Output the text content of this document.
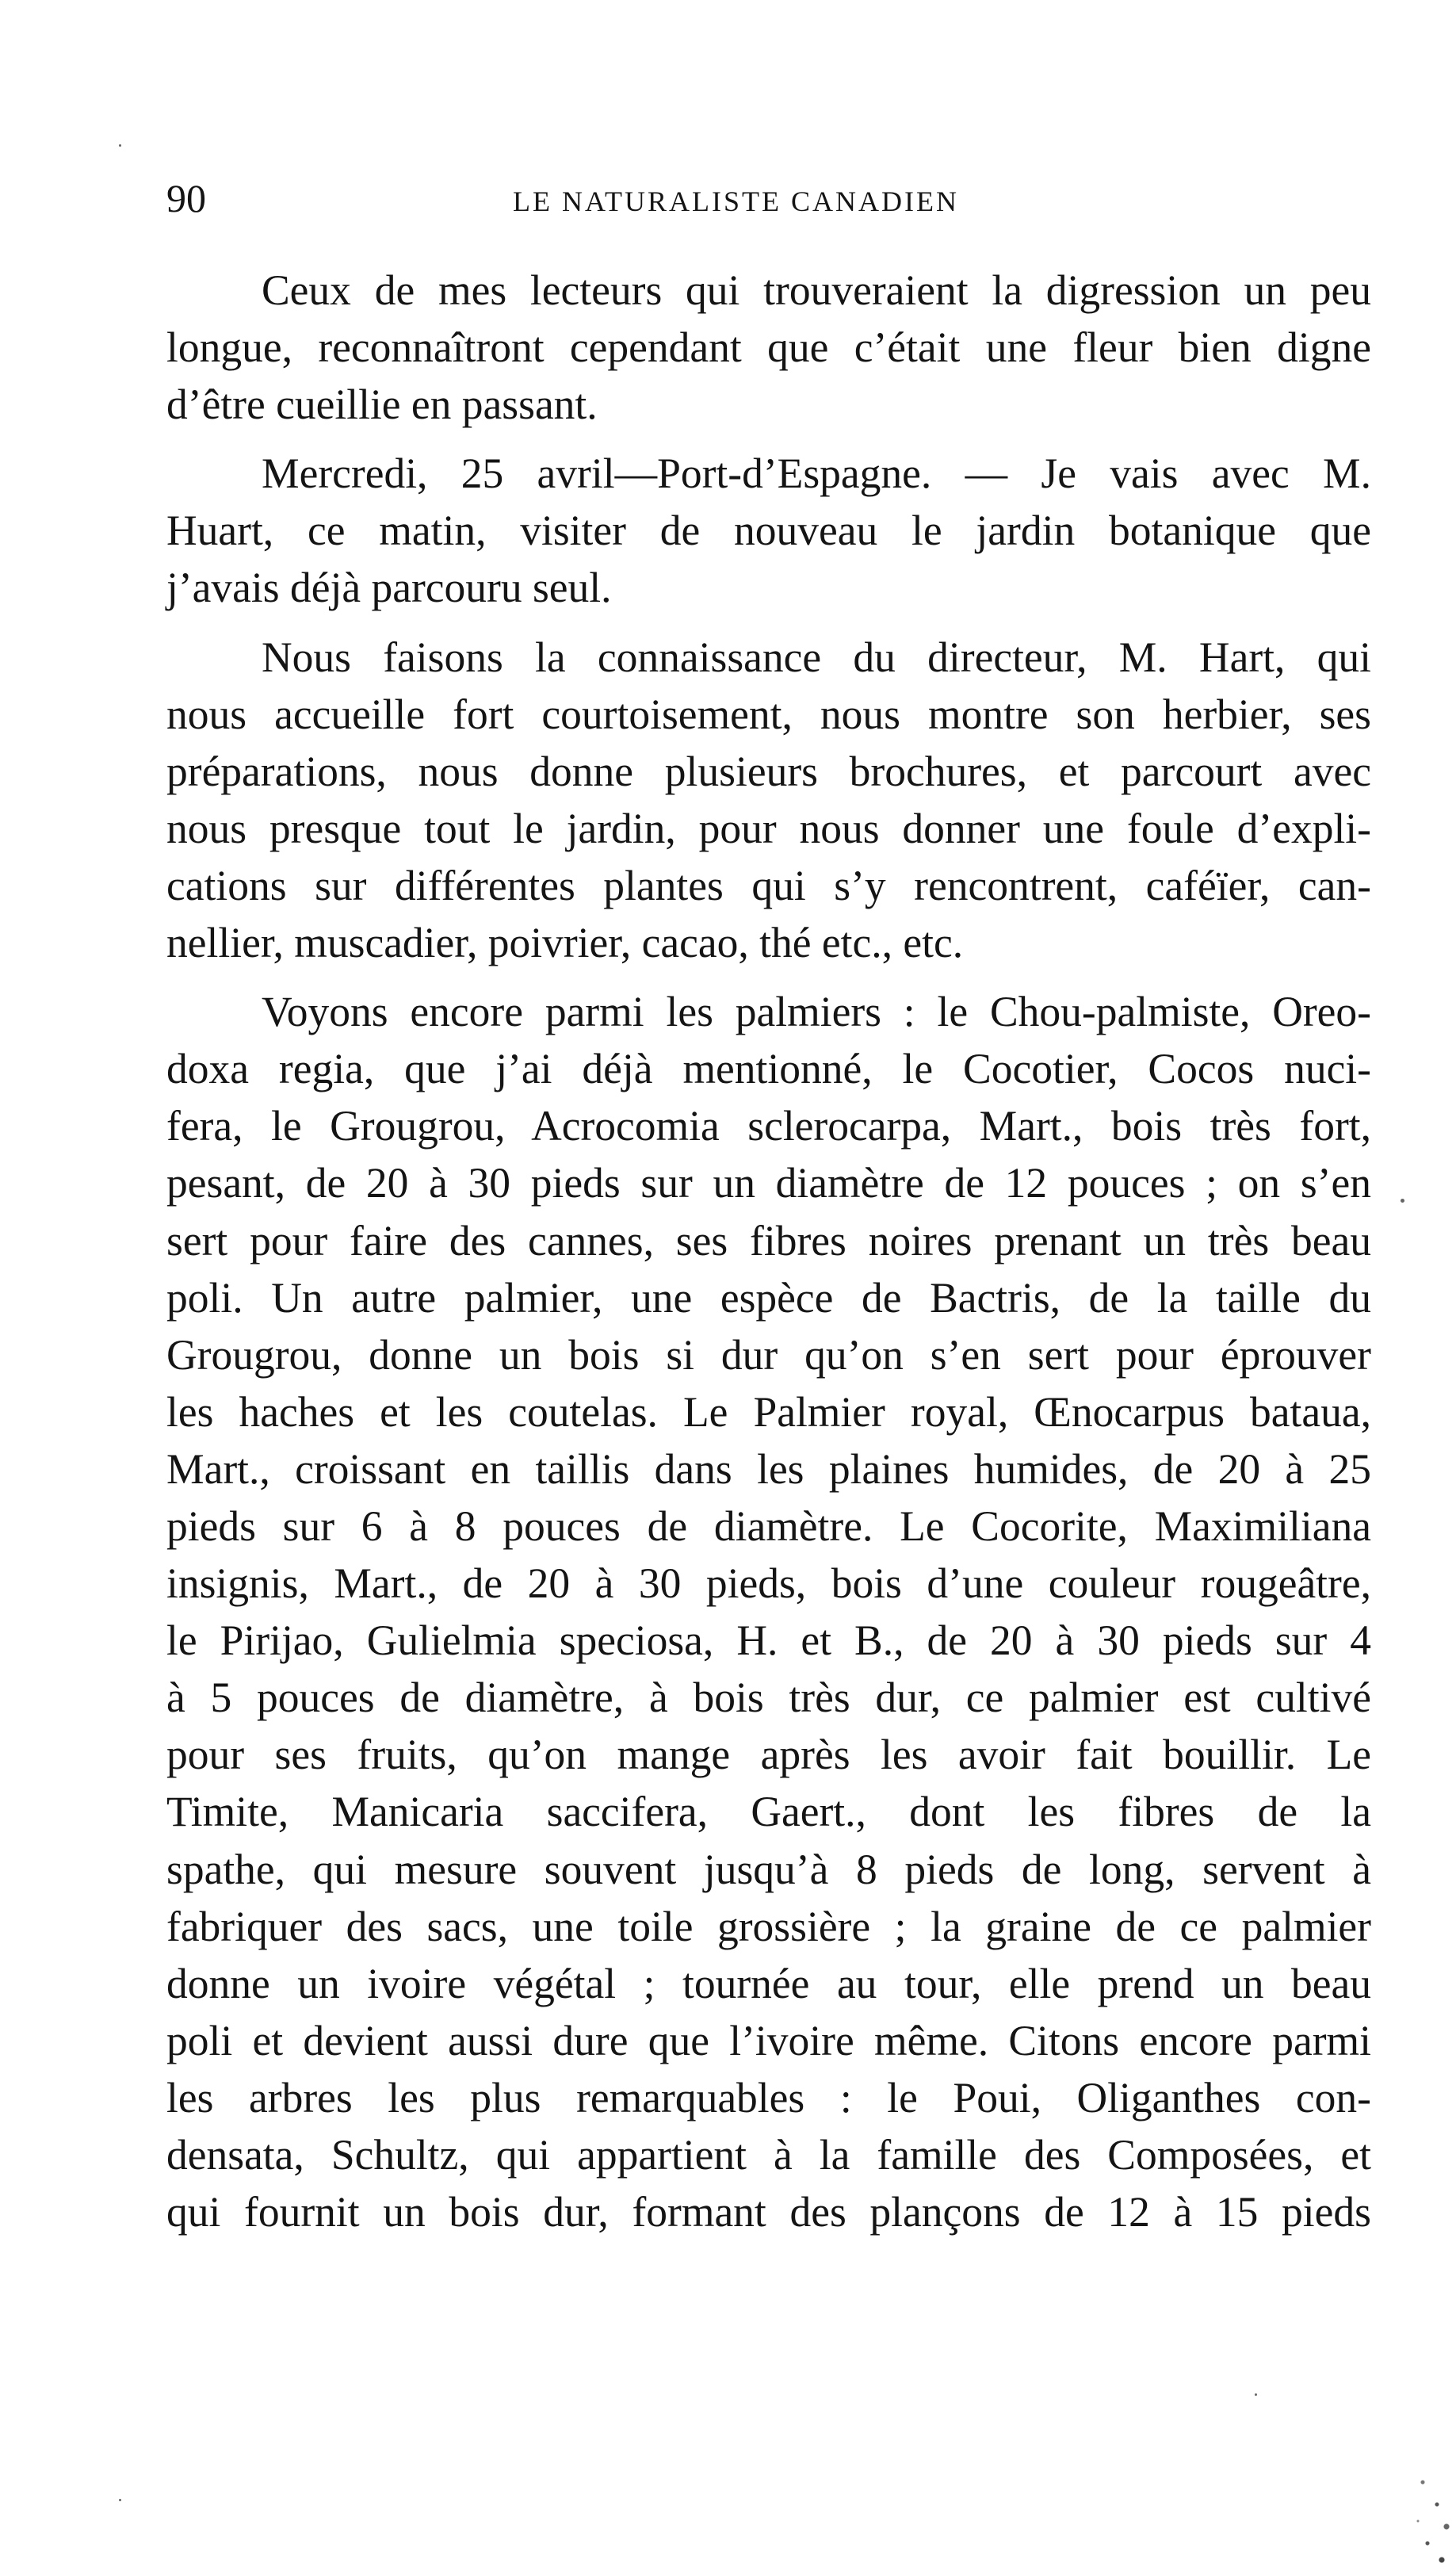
90	LE NATURALISTE CANADIEN

Ceux de mes lecteurs qui trouveraient la digression un peu
longue, reconnaîtront cependant que c’était une fleur bien digne
d’être cueillie en passant.

Mercredi, 25 avril—Port-d’Espagne. — Je vais avec M.
Huart, ce matin, visiter de nouveau le jardin botanique que
j’avais déjà parcouru seul.

Nous faisons la connaissance du directeur, M. Hart, qui
nous accueille fort courtoisement, nous montre son herbier, ses
préparations, nous donne plusieurs brochures, et parcourt avec
nous presque tout le jardin, pour nous donner une foule d’expli-
cations sur différentes plantes qui s’y rencontrent, caféïer, can-
nellier, muscadier, poivrier, cacao, thé etc., etc.

Voyons encore parmi les palmiers : le Chou-palmiste, Oreo-
doxa regia, que j’ai déjà mentionné, le Cocotier, Cocos nuci-
fera, le Grougrou, Acrocomia sclerocarpa, Mart., bois très fort,
pesant, de 20 à 30 pieds sur un diamètre de 12 pouces ; on s’en
sert pour faire des cannes, ses fibres noires prenant un très beau
poli. Un autre palmier, une espèce de Bactris, de la taille du
Grougrou, donne un bois si dur qu’on s’en sert pour éprouver
les haches et les coutelas. Le Palmier royal, Œnocarpus bataua,
Mart., croissant en taillis dans les plaines humides, de 20 à 25
pieds sur 6 à 8 pouces de diamètre. Le Cocorite, Maximiliana
insignis, Mart., de 20 à 30 pieds, bois d’une couleur rougeâtre,
le Pirijao, Gulielmia speciosa, H. et B., de 20 à 30 pieds sur 4
à 5 pouces de diamètre, à bois très dur, ce palmier est cultivé
pour ses fruits, qu’on mange après les avoir fait bouillir. Le
Timite, Manicaria saccifera, Gaert., dont les fibres de la
spathe, qui mesure souvent jusqu’à 8 pieds de long, servent à
fabriquer des sacs, une toile grossière ; la graine de ce palmier
donne un ivoire végétal ; tournée au tour, elle prend un beau
poli et devient aussi dure que l’ivoire même. Citons encore parmi
les arbres les plus remarquables : le Poui, Oliganthes con-
densata, Schultz, qui appartient à la famille des Composées, et
qui fournit un bois dur, formant des plançons de 12 à 15 pieds
